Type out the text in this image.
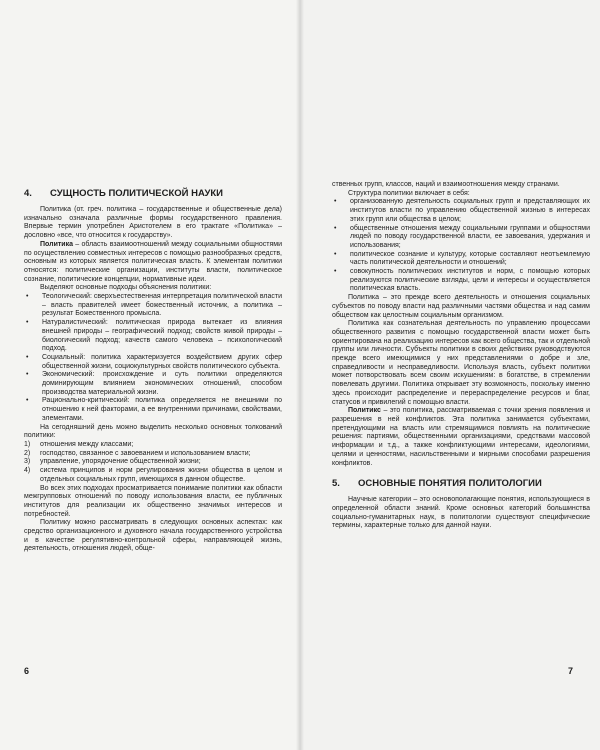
4.	СУЩНОСТЬ ПОЛИТИЧЕСКОЙ НАУКИ

Политика (от. греч. политика – государственные и общественные дела) изначально означала различные формы государственного правления. Впервые термин употреблен Аристотелем в его трактате «Политика» – дословно «все, что относится к государству».

Политика – область взаимоотношений между социальными общностями по осуществлению совместных интересов с помощью разнообразных средств, основным из которых является политическая власть. К элементам политики относятся: политические организации, институты власти, политическое сознание, политические концепции, нормативные идеи.

Выделяют основные подходы объяснения политики:

• Теологический: сверхъестественная интерпретация политической власти – власть правителей имеет божественный источник, а политика – результат Божественного промысла.
• Натуралистический: политическая природа вытекает из влияния внешней природы – географический подход; свойств живой природы – биологический подход; качеств самого человека – психологический подход.
• Социальный: политика характеризуется воздействием других сфер общественной жизни, социокультурных свойств политического субъекта.
• Экономический: происхождение и суть политики определяются доминирующим влиянием экономических отношений, способом производства материальной жизни.
• Рационально-критический: политика определяется не внешними по отношению к ней факторами, а ее внутренними причинами, свойствами, элементами.

На сегодняшний день можно выделить несколько основных толкований политики:

1)	отношения между классами;
2)	господство, связанное с завоеванием и использованием власти;
3)	управление, упорядочение общественной жизни;
4)	система принципов и норм регулирования жизни общества в целом и отдельных социальных групп, имеющихся в данном обществе.

Во всех этих подходах просматривается понимание политики как области межгрупповых отношений по поводу использования власти, ее публичных институтов для реализации их общественно значимых интересов и потребностей.

Политику можно рассматривать в следующих основных аспектах: как средство организационного и духовного начала государственного устройства и в качестве регулятивно-контрольной сферы, направляющей жизнь, деятельность, отношения людей, обще-

6

ственных групп, классов, наций и взаимоотношения между странами.

Структура политики включает в себя:

• организованную деятельность социальных групп и представляющих их институтов власти по управлению общественной жизнью в интересах этих групп или общества в целом;
• общественные отношения между социальными группами и общностями людей по поводу государственной власти, ее завоевания, удержания и использования;
• политическое сознание и культуру, которые составляют неотъемлемую часть политической деятельности и отношений;
• совокупность политических институтов и норм, с помощью которых реализуются политические взгляды, цели и интересы и осуществляется политическая власть.

Политика – это прежде всего деятельность и отношения социальных субъектов по поводу власти над различными частями общества и над самим обществом как целостным социальным организмом.

Политика как сознательная деятельность по управлению процессами общественного развития с помощью государственной власти может быть ориентирована на реализацию интересов как всего общества, так и отдельной группы или личности. Субъекты политики в своих действиях руководствуются прежде всего имеющимися у них представлениями о добре и зле, справедливости и несправедливости. Используя власть, субъект политики может потворствовать всем своим искушениям: в богатстве, в стремлении повелевать другими. Политика открывает эту возможность, поскольку именно здесь происходит распределение и перераспределение ресурсов и благ, статусов и привилегий с помощью власти.

Политикс – это политика, рассматриваемая с точки зрения появления и разрешения в ней конфликтов. Эта политика занимается субъектами, претендующими на власть или стремящимися повлиять на политические решения: партиями, общественными организациями, средствами массовой информации и т.д., а также конфликтующими интересами, идеологиями, целями и ценностями, насильственными и мирными способами разрешения конфликтов.

5.	ОСНОВНЫЕ ПОНЯТИЯ ПОЛИТОЛОГИИ

Научные категории – это основополагающие понятия, использующиеся в определенной области знаний. Кроме основных категорий большинства социально-гуманитарных наук, в политологии существуют специфические термины, характерные только для данной науки.

7
